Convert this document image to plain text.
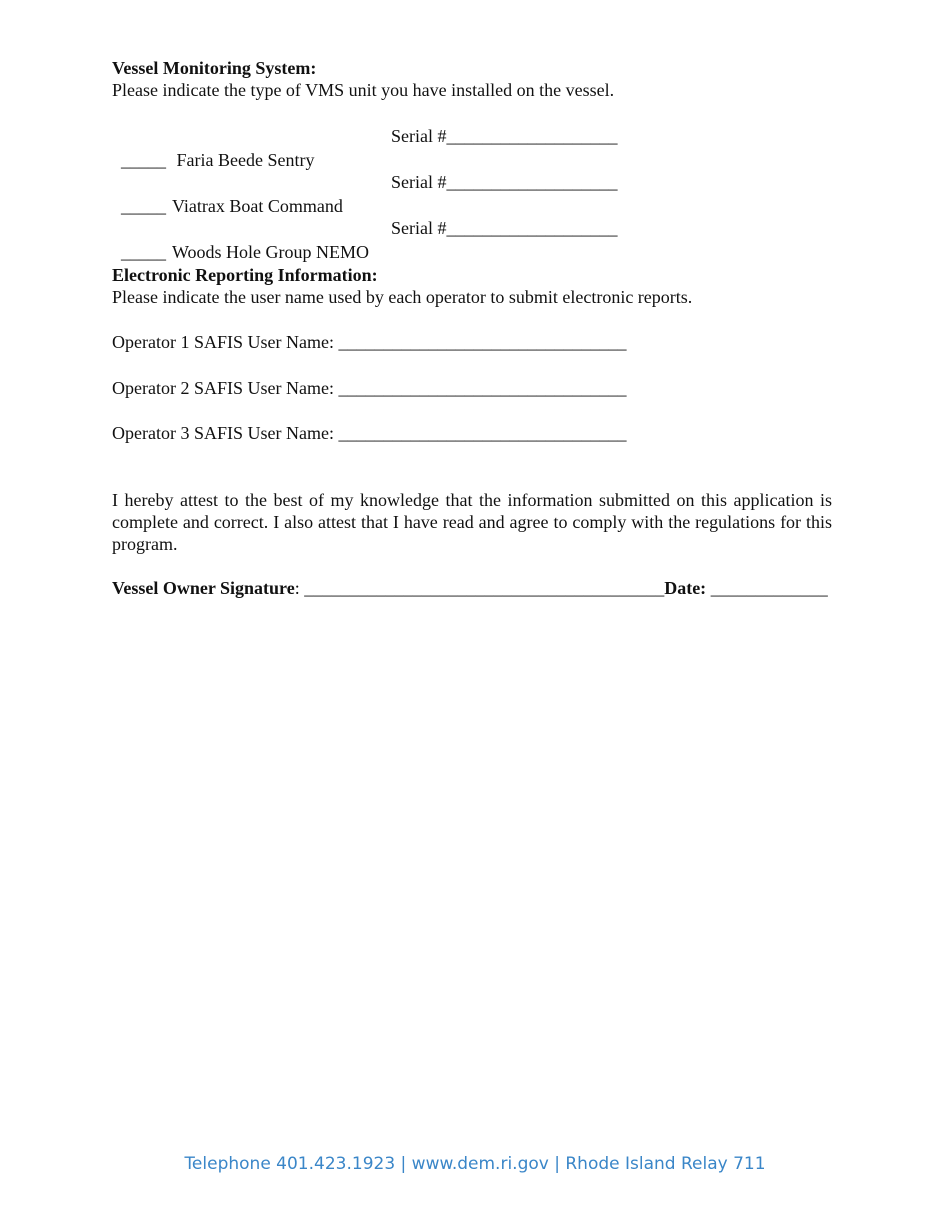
Vessel Monitoring System:
Please indicate the type of VMS unit you have installed on the vessel.

_____ Faria Beede Sentry

Serial #___________________

_____ Viatrax Boat Command

Serial #___________________

_____ Woods Hole Group NEMO

Serial #___________________

Electronic Reporting Information:
Please indicate the user name used by each operator to submit electronic reports.
Operator 1 SAFIS User Name: ________________________________
Operator 2 SAFIS User Name: ________________________________
Operator 3 SAFIS User Name: ________________________________
I hereby attest to the best of my knowledge that the information submitted on this application is complete and correct. I also attest that I have read and agree to comply with the regulations for this program.
Vessel Owner Signature: ________________________________________Date: _____________
Telephone 401.423.1923 | www.dem.ri.gov | Rhode Island Relay 711
